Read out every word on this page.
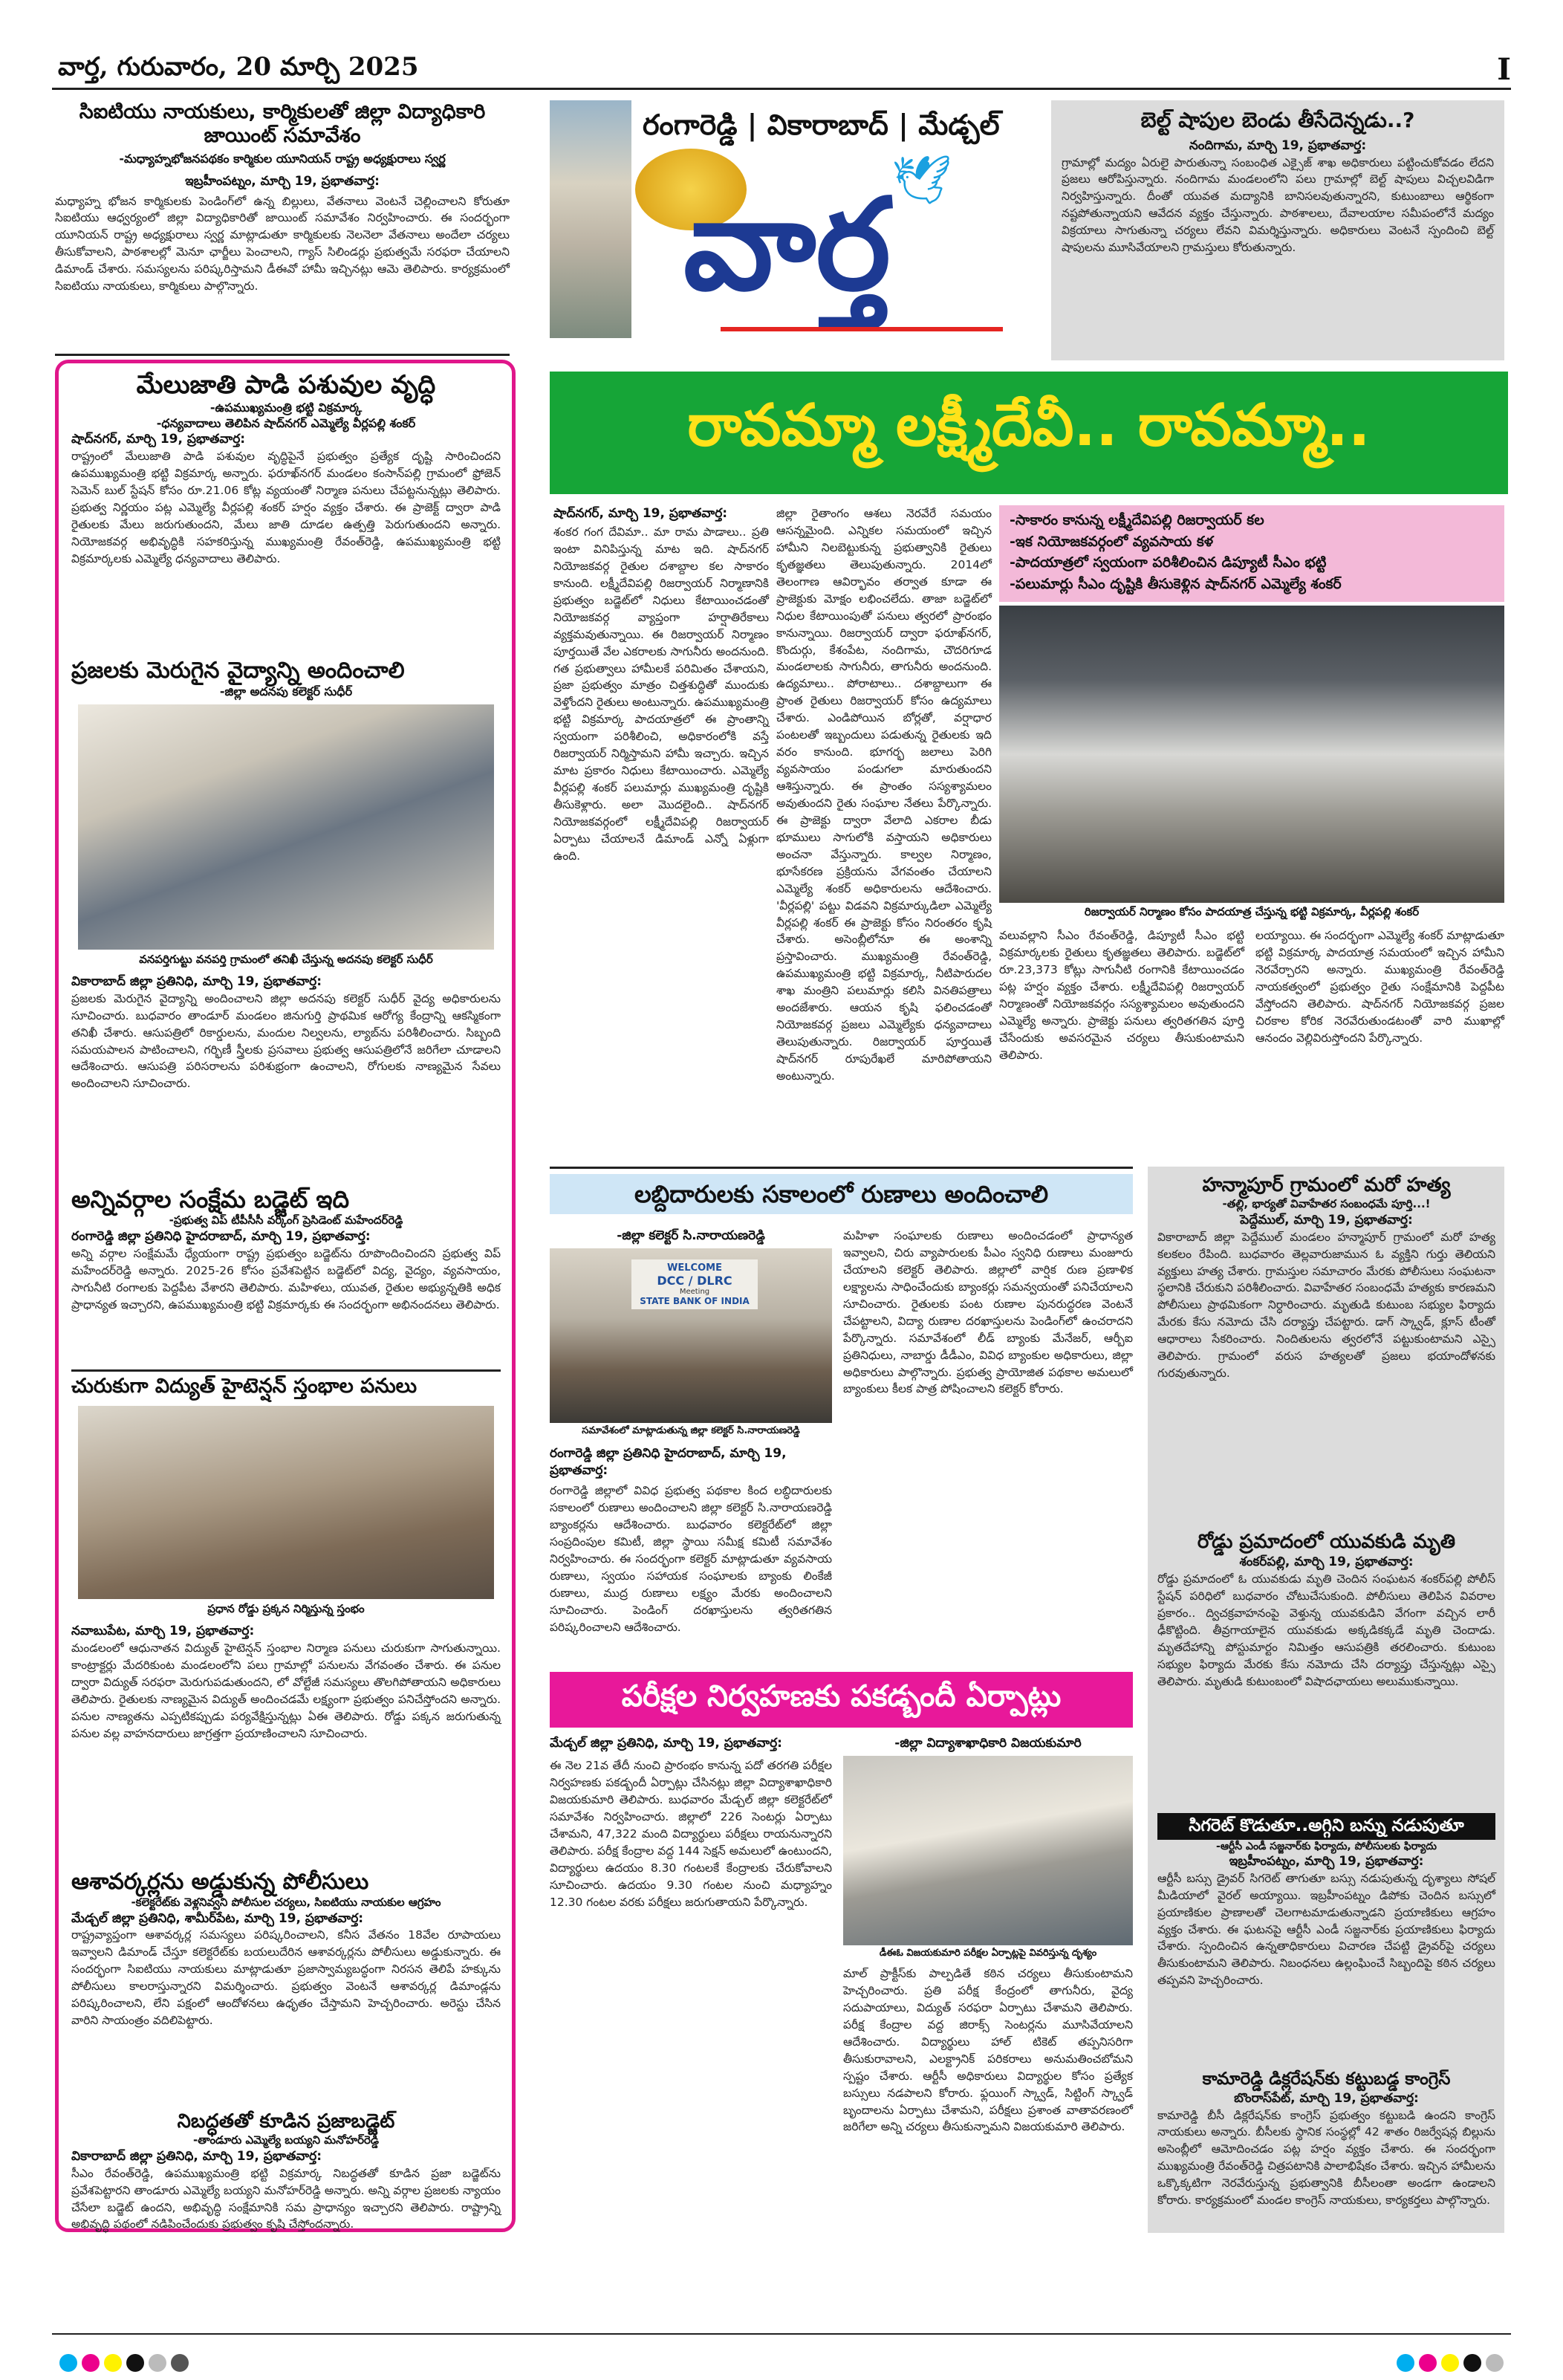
వార్త, గురువారం, 20 మార్చి 2025	I
సిఐటియు నాయకులు, కార్మికులతో జిల్లా విద్యాధికారి జాయింట్ సమావేశం
-మధ్యాహ్నభోజనపథకం కార్మికుల యూనియన్ రాష్ట్ర అధ్యక్షురాలు స్వర్ణ
ఇబ్రహీంపట్నం, మార్చి 19, ప్రభాతవార్త:
మధ్యాహ్న భోజన కార్మికులకు పెండింగ్‌లో ఉన్న బిల్లులు, వేతనాలు వెంటనే చెల్లించాలని కోరుతూ సిఐటియు ఆధ్వర్యంలో జిల్లా విద్యాధికారితో జాయింట్ సమావేశం నిర్వహించారు. ఈ సందర్భంగా యూనియన్ రాష్ట్ర అధ్యక్షురాలు స్వర్ణ మాట్లాడుతూ కార్మికులకు నెలనెలా వేతనాలు అందేలా చర్యలు తీసుకోవాలని, పాఠశాలల్లో మెనూ ఛార్జీలు పెంచాలని, గ్యాస్ సిలిండర్లు ప్రభుత్వమే సరఫరా చేయాలని డిమాండ్ చేశారు. సమస్యలను పరిష్కరిస్తామని డీఈవో హామీ ఇచ్చినట్లు ఆమె తెలిపారు. కార్యక్రమంలో సిఐటియు నాయకులు, కార్మికులు పాల్గొన్నారు.
మేలుజాతి పాడి పశువుల వృద్ధి
-ఉపముఖ్యమంత్రి భట్టి విక్రమార్క
-ధన్యవాదాలు తెలిపిన షాద్‌నగర్ ఎమ్మెల్యే వీర్లపల్లి శంకర్
షాద్‌నగర్, మార్చి 19, ప్రభాతవార్త:
రాష్ట్రంలో మేలుజాతి పాడి పశువుల వృద్ధిపైనే ప్రభుత్వం ప్రత్యేక దృష్టి సారించిందని ఉపముఖ్యమంత్రి భట్టి విక్రమార్క అన్నారు. ఫరూఖ్‌నగర్ మండలం కంసాన్‌పల్లి గ్రామంలో ఫ్రోజెన్ సెమెన్ బుల్ స్టేషన్ కోసం రూ.21.06 కోట్ల వ్యయంతో నిర్మాణ పనులు చేపట్టనున్నట్లు తెలిపారు. ప్రభుత్వ నిర్ణయం పట్ల ఎమ్మెల్యే వీర్లపల్లి శంకర్ హర్షం వ్యక్తం చేశారు. ఈ ప్రాజెక్ట్ ద్వారా పాడి రైతులకు మేలు జరుగుతుందని, మేలు జాతి దూడల ఉత్పత్తి పెరుగుతుందని అన్నారు. నియోజకవర్గ అభివృద్ధికి సహకరిస్తున్న ముఖ్యమంత్రి రేవంత్‌రెడ్డి, ఉపముఖ్యమంత్రి భట్టి విక్రమార్కలకు ఎమ్మెల్యే ధన్యవాదాలు తెలిపారు.
ప్రజలకు మెరుగైన వైద్యాన్ని అందించాలి
-జిల్లా అదనపు కలెక్టర్ సుధీర్
వనపర్తిగుట్టు వనపర్తి గ్రామంలో తనిఖీ చేస్తున్న అదనపు కలెక్టర్ సుధీర్
వికారాబాద్ జిల్లా ప్రతినిధి, మార్చి 19, ప్రభాతవార్త:
ప్రజలకు మెరుగైన వైద్యాన్ని అందించాలని జిల్లా అదనపు కలెక్టర్ సుధీర్ వైద్య అధికారులను సూచించారు. బుధవారం తాండూర్ మండలం జినుగుర్తి ప్రాథమిక ఆరోగ్య కేంద్రాన్ని ఆకస్మికంగా తనిఖీ చేశారు. ఆసుపత్రిలో రికార్డులను, మందుల నిల్వలను, ల్యాబ్‌ను పరిశీలించారు. సిబ్బంది సమయపాలన పాటించాలని, గర్భిణీ స్త్రీలకు ప్రసవాలు ప్రభుత్వ ఆసుపత్రిలోనే జరిగేలా చూడాలని ఆదేశించారు. ఆసుపత్రి పరిసరాలను పరిశుభ్రంగా ఉంచాలని, రోగులకు నాణ్యమైన సేవలు అందించాలని సూచించారు.
అన్నివర్గాల సంక్షేమ బడ్జెట్ ఇది
-ప్రభుత్వ విప్ టీపీసీసీ వర్కింగ్ ప్రెసిడెంట్ మహేందర్‌రెడ్డి
రంగారెడ్డి జిల్లా ప్రతినిధి హైదరాబాద్, మార్చి 19, ప్రభాతవార్త:
అన్ని వర్గాల సంక్షేమమే ధ్యేయంగా రాష్ట్ర ప్రభుత్వం బడ్జెట్‌ను రూపొందించిందని ప్రభుత్వ విప్ మహేందర్‌రెడ్డి అన్నారు. 2025-26 కోసం ప్రవేశపెట్టిన బడ్జెట్‌లో విద్య, వైద్యం, వ్యవసాయం, సాగునీటి రంగాలకు పెద్దపీట వేశారని తెలిపారు. మహిళలు, యువత, రైతుల అభ్యున్నతికి అధిక ప్రాధాన్యత ఇచ్చారని, ఉపముఖ్యమంత్రి భట్టి విక్రమార్కకు ఈ సందర్భంగా అభినందనలు తెలిపారు.
చురుకుగా విద్యుత్ హైటెన్షన్ స్తంభాల పనులు
ప్రధాన రోడ్డు ప్రక్కన నిర్మిస్తున్న స్తంభం
నవాబుపేట, మార్చి 19, ప్రభాతవార్త:
మండలంలో ఆధునాతన విద్యుత్ హైటెన్షన్ స్తంభాల నిర్మాణ పనులు చురుకుగా సాగుతున్నాయి. కాంట్రాక్టర్లు మేదరికుంట మండలంలోని పలు గ్రామాల్లో పనులను వేగవంతం చేశారు. ఈ పనుల ద్వారా విద్యుత్ సరఫరా మెరుగుపడుతుందని, లో వోల్టేజీ సమస్యలు తొలగిపోతాయని అధికారులు తెలిపారు. రైతులకు నాణ్యమైన విద్యుత్ అందించడమే లక్ష్యంగా ప్రభుత్వం పనిచేస్తోందని అన్నారు. పనుల నాణ్యతను ఎప్పటికప్పుడు పర్యవేక్షిస్తున్నట్లు ఏఈ తెలిపారు. రోడ్డు పక్కన జరుగుతున్న పనుల వల్ల వాహనదారులు జాగ్రత్తగా ప్రయాణించాలని సూచించారు.
ఆశావర్కర్లను అడ్డుకున్న పోలీసులు
-కలెక్టరేట్‌కు వెళ్లనివ్వని పోలీసుల చర్యలు, సిఐటియు నాయకుల ఆగ్రహం
మేడ్చల్ జిల్లా ప్రతినిధి, శామీర్‌పేట, మార్చి 19, ప్రభాతవార్త:
రాష్ట్రవ్యాప్తంగా ఆశావర్కర్ల సమస్యలు పరిష్కరించాలని, కనీస వేతనం 18వేల రూపాయలు ఇవ్వాలని డిమాండ్ చేస్తూ కలెక్టరేట్‌కు బయలుదేరిన ఆశావర్కర్లను పోలీసులు అడ్డుకున్నారు. ఈ సందర్భంగా సిఐటియు నాయకులు మాట్లాడుతూ ప్రజాస్వామ్యబద్ధంగా నిరసన తెలిపే హక్కును పోలీసులు కాలరాస్తున్నారని విమర్శించారు. ప్రభుత్వం వెంటనే ఆశావర్కర్ల డిమాండ్లను పరిష్కరించాలని, లేని పక్షంలో ఆందోళనలు ఉధృతం చేస్తామని హెచ్చరించారు. అరెస్టు చేసిన వారిని సాయంత్రం వదిలిపెట్టారు.
నిబద్ధతతో కూడిన ప్రజాబడ్జెట్
-తాండూరు ఎమ్మెల్యే బయ్యని మనోహర్‌రెడ్డి
వికారాబాద్ జిల్లా ప్రతినిధి, మార్చి 19, ప్రభాతవార్త:
సీఎం రేవంత్‌రెడ్డి, ఉపముఖ్యమంత్రి భట్టి విక్రమార్క నిబద్ధతతో కూడిన ప్రజా బడ్జెట్‌ను ప్రవేశపెట్టారని తాండూరు ఎమ్మెల్యే బయ్యని మనోహర్‌రెడ్డి అన్నారు. అన్ని వర్గాల ప్రజలకు న్యాయం చేసేలా బడ్జెట్ ఉందని, అభివృద్ధి సంక్షేమానికి సమ ప్రాధాన్యం ఇచ్చారని తెలిపారు. రాష్ట్రాన్ని అభివృద్ధి పథంలో నడిపించేందుకు ప్రభుత్వం కృషి చేస్తోందన్నారు.
రంగారెడ్డి | వికారాబాద్ | మేడ్చల్
🕊
వార్త
బెల్ట్ షాపుల బెండు తీసేదెన్నడు..?
నందిగామ, మార్చి 19, ప్రభాతవార్త:
గ్రామాల్లో మద్యం ఏరులై పారుతున్నా సంబంధిత ఎక్సైజ్ శాఖ అధికారులు పట్టించుకోవడం లేదని ప్రజలు ఆరోపిస్తున్నారు. నందిగామ మండలంలోని పలు గ్రామాల్లో బెల్ట్ షాపులు విచ్చలవిడిగా నిర్వహిస్తున్నారు. దీంతో యువత మద్యానికి బానిసలవుతున్నారని, కుటుంబాలు ఆర్థికంగా నష్టపోతున్నాయని ఆవేదన వ్యక్తం చేస్తున్నారు. పాఠశాలలు, దేవాలయాల సమీపంలోనే మద్యం విక్రయాలు సాగుతున్నా చర్యలు లేవని విమర్శిస్తున్నారు. అధికారులు వెంటనే స్పందించి బెల్ట్ షాపులను మూసివేయాలని గ్రామస్తులు కోరుతున్నారు.
రావమ్మా లక్ష్మీదేవీ.. రావమ్మా..
షాద్‌నగర్, మార్చి 19, ప్రభాతవార్త:
శంకర గంగ దేవిమా.. మా రామ పాడాలు.. ప్రతి ఇంటా వినిపిస్తున్న మాట ఇది. షాద్‌నగర్ నియోజకవర్గ రైతుల దశాబ్దాల కల సాకారం కానుంది. లక్ష్మీదేవిపల్లి రిజర్వాయర్ నిర్మాణానికి ప్రభుత్వం బడ్జెట్‌లో నిధులు కేటాయించడంతో నియోజకవర్గ వ్యాప్తంగా హర్షాతిరేకాలు వ్యక్తమవుతున్నాయి. ఈ రిజర్వాయర్ నిర్మాణం పూర్తయితే వేల ఎకరాలకు సాగునీరు అందనుంది. గత ప్రభుత్వాలు హామీలకే పరిమితం చేశాయని, ప్రజా ప్రభుత్వం మాత్రం చిత్తశుద్ధితో ముందుకు వెళ్తోందని రైతులు అంటున్నారు. ఉపముఖ్యమంత్రి భట్టి విక్రమార్క పాదయాత్రలో ఈ ప్రాంతాన్ని స్వయంగా పరిశీలించి, అధికారంలోకి వస్తే రిజర్వాయర్ నిర్మిస్తామని హామీ ఇచ్చారు. ఇచ్చిన మాట ప్రకారం నిధులు కేటాయించారు. ఎమ్మెల్యే వీర్లపల్లి శంకర్ పలుమార్లు ముఖ్యమంత్రి దృష్టికి తీసుకెళ్లారు. అలా మొదలైంది.. షాద్‌నగర్ నియోజకవర్గంలో లక్ష్మీదేవిపల్లి రిజర్వాయర్ ఏర్పాటు చేయాలనే డిమాండ్ ఎన్నో ఏళ్లుగా ఉంది.
జిల్లా రైతాంగం ఆశలు నెరవేరే సమయం ఆసన్నమైంది. ఎన్నికల సమయంలో ఇచ్చిన హామీని నిలబెట్టుకున్న ప్రభుత్వానికి రైతులు కృతజ్ఞతలు తెలుపుతున్నారు. 2014లో తెలంగాణ ఆవిర్భావం తర్వాత కూడా ఈ ప్రాజెక్టుకు మోక్షం లభించలేదు. తాజా బడ్జెట్‌లో నిధుల కేటాయింపుతో పనులు త్వరలో ప్రారంభం కానున్నాయి. రిజర్వాయర్ ద్వారా ఫరూఖ్‌నగర్, కొందుర్గు, కేశంపేట, నందిగామ, చౌదరిగూడ మండలాలకు సాగునీరు, తాగునీరు అందనుంది. ఉద్యమాలు.. పోరాటాలు.. దశాబ్దాలుగా ఈ ప్రాంత రైతులు రిజర్వాయర్ కోసం ఉద్యమాలు చేశారు. ఎండిపోయిన బోర్లతో, వర్షాధార పంటలతో ఇబ్బందులు పడుతున్న రైతులకు ఇది వరం కానుంది. భూగర్భ జలాలు పెరిగి వ్యవసాయం పండుగలా మారుతుందని ఆశిస్తున్నారు. ఈ ప్రాంతం సస్యశ్యామలం అవుతుందని రైతు సంఘాల నేతలు పేర్కొన్నారు. ఈ ప్రాజెక్టు ద్వారా వేలాది ఎకరాల బీడు భూములు సాగులోకి వస్తాయని అధికారులు అంచనా వేస్తున్నారు. కాల్వల నిర్మాణం, భూసేకరణ ప్రక్రియను వేగవంతం చేయాలని ఎమ్మెల్యే శంకర్ అధికారులను ఆదేశించారు. 'వీర్లపల్లి' పట్టు విడవని విక్రమార్కుడిలా ఎమ్మెల్యే వీర్లపల్లి శంకర్ ఈ ప్రాజెక్టు కోసం నిరంతరం కృషి చేశారు. అసెంబ్లీలోనూ ఈ అంశాన్ని ప్రస్తావించారు. ముఖ్యమంత్రి రేవంత్‌రెడ్డి, ఉపముఖ్యమంత్రి భట్టి విక్రమార్క, నీటిపారుదల శాఖ మంత్రిని పలుమార్లు కలిసి వినతిపత్రాలు అందజేశారు. ఆయన కృషి ఫలించడంతో నియోజకవర్గ ప్రజలు ఎమ్మెల్యేకు ధన్యవాదాలు తెలుపుతున్నారు. రిజర్వాయర్ పూర్తయితే షాద్‌నగర్ రూపురేఖలే మారిపోతాయని అంటున్నారు.
-సాకారం కానున్న లక్ష్మీదేవిపల్లి రిజర్వాయర్ కల
-ఇక నియోజకవర్గంలో వ్యవసాయ కళ
-పాదయాత్రలో స్వయంగా పరిశీలించిన డిప్యూటీ సీఎం భట్టి
-పలుమార్లు సీఎం దృష్టికి తీసుకెళ్లిన షాద్‌నగర్ ఎమ్మెల్యే శంకర్
రిజర్వాయర్ నిర్మాణం కోసం పాదయాత్ర చేస్తున్న భట్టి విక్రమార్క, వీర్లపల్లి శంకర్
వలువల్లాని సీఎం రేవంత్‌రెడ్డి, డిప్యూటీ సీఎం భట్టి విక్రమార్కలకు రైతులు కృతజ్ఞతలు తెలిపారు. బడ్జెట్‌లో రూ.23,373 కోట్లు సాగునీటి రంగానికి కేటాయించడం పట్ల హర్షం వ్యక్తం చేశారు. లక్ష్మీదేవిపల్లి రిజర్వాయర్ నిర్మాణంతో నియోజకవర్గం సస్యశ్యామలం అవుతుందని ఎమ్మెల్యే అన్నారు. ప్రాజెక్టు పనులు త్వరితగతిన పూర్తి చేసేందుకు అవసరమైన చర్యలు తీసుకుంటామని తెలిపారు.
లయ్యాయి. ఈ సందర్భంగా ఎమ్మెల్యే శంకర్ మాట్లాడుతూ భట్టి విక్రమార్క పాదయాత్ర సమయంలో ఇచ్చిన హామీని నెరవేర్చారని అన్నారు. ముఖ్యమంత్రి రేవంత్‌రెడ్డి నాయకత్వంలో ప్రభుత్వం రైతు సంక్షేమానికి పెద్దపీట వేస్తోందని తెలిపారు. షాద్‌నగర్ నియోజకవర్గ ప్రజల చిరకాల కోరిక నెరవేరుతుండటంతో వారి ముఖాల్లో ఆనందం వెల్లివిరుస్తోందని పేర్కొన్నారు.
లబ్దిదారులకు సకాలంలో రుణాలు అందించాలి
-జిల్లా కలెక్టర్ సి.నారాయణరెడ్డి
WELCOME
DCC / DLRC
Meeting
STATE BANK OF INDIA
సమావేశంలో మాట్లాడుతున్న జిల్లా కలెక్టర్ సి.నారాయణరెడ్డి
రంగారెడ్డి జిల్లా ప్రతినిధి హైదరాబాద్, మార్చి 19, ప్రభాతవార్త:
రంగారెడ్డి జిల్లాలో వివిధ ప్రభుత్వ పథకాల కింద లబ్ధిదారులకు సకాలంలో రుణాలు అందించాలని జిల్లా కలెక్టర్ సి.నారాయణరెడ్డి బ్యాంకర్లను ఆదేశించారు. బుధవారం కలెక్టరేట్‌లో జిల్లా సంప్రదింపుల కమిటీ, జిల్లా స్థాయి సమీక్ష కమిటీ సమావేశం నిర్వహించారు. ఈ సందర్భంగా కలెక్టర్ మాట్లాడుతూ వ్యవసాయ రుణాలు, స్వయం సహాయక సంఘాలకు బ్యాంకు లింకేజీ రుణాలు, ముద్ర రుణాలు లక్ష్యం మేరకు అందించాలని సూచించారు. పెండింగ్ దరఖాస్తులను త్వరితగతిన పరిష్కరించాలని ఆదేశించారు.
మహిళా సంఘాలకు రుణాలు అందించడంలో ప్రాధాన్యత ఇవ్వాలని, చిరు వ్యాపారులకు పీఎం స్వనిధి రుణాలు మంజూరు చేయాలని కలెక్టర్ తెలిపారు. జిల్లాలో వార్షిక రుణ ప్రణాళిక లక్ష్యాలను సాధించేందుకు బ్యాంకర్లు సమన్వయంతో పనిచేయాలని సూచించారు. రైతులకు పంట రుణాల పునరుద్ధరణ వెంటనే చేపట్టాలని, విద్యా రుణాల దరఖాస్తులను పెండింగ్‌లో ఉంచరాదని పేర్కొన్నారు. సమావేశంలో లీడ్ బ్యాంకు మేనేజర్, ఆర్బీఐ ప్రతినిధులు, నాబార్డు డీడీఎం, వివిధ బ్యాంకుల అధికారులు, జిల్లా అధికారులు పాల్గొన్నారు. ప్రభుత్వ ప్రాయోజిత పథకాల అమలులో బ్యాంకులు కీలక పాత్ర పోషించాలని కలెక్టర్ కోరారు.
పరీక్షల నిర్వహణకు పకడ్బందీ ఏర్పాట్లు
మేడ్చల్ జిల్లా ప్రతినిధి, మార్చి 19, ప్రభాతవార్త:
ఈ నెల 21వ తేదీ నుంచి ప్రారంభం కానున్న పదో తరగతి పరీక్షల నిర్వహణకు పకడ్బందీ ఏర్పాట్లు చేసినట్లు జిల్లా విద్యాశాఖాధికారి విజయకుమారి తెలిపారు. బుధవారం మేడ్చల్ జిల్లా కలెక్టరేట్‌లో సమావేశం నిర్వహించారు. జిల్లాలో 226 సెంటర్లు ఏర్పాటు చేశామని, 47,322 మంది విద్యార్థులు పరీక్షలు రాయనున్నారని తెలిపారు. పరీక్ష కేంద్రాల వద్ద 144 సెక్షన్ అమలులో ఉంటుందని, విద్యార్థులు ఉదయం 8.30 గంటలకే కేంద్రాలకు చేరుకోవాలని సూచించారు. ఉదయం 9.30 గంటల నుంచి మధ్యాహ్నం 12.30 గంటల వరకు పరీక్షలు జరుగుతాయని పేర్కొన్నారు.
-జిల్లా విద్యాశాఖాధికారి విజయకుమారి
డీఈఓ విజయకుమారి పరీక్షల ఏర్పాట్లపై వివరిస్తున్న దృశ్యం
మాల్ ప్రాక్టీస్‌కు పాల్పడితే కఠిన చర్యలు తీసుకుంటామని హెచ్చరించారు. ప్రతి పరీక్ష కేంద్రంలో తాగునీరు, వైద్య సదుపాయాలు, విద్యుత్ సరఫరా ఏర్పాటు చేశామని తెలిపారు. పరీక్ష కేంద్రాల వద్ద జిరాక్స్ సెంటర్లను మూసివేయాలని ఆదేశించారు. విద్యార్థులు హాల్ టికెట్ తప్పనిసరిగా తీసుకురావాలని, ఎలక్ట్రానిక్ పరికరాలు అనుమతించబోమని స్పష్టం చేశారు. ఆర్టీసీ అధికారులు విద్యార్థుల కోసం ప్రత్యేక బస్సులు నడపాలని కోరారు. ఫ్లయింగ్ స్క్వాడ్, సిట్టింగ్ స్క్వాడ్ బృందాలను ఏర్పాటు చేశామని, పరీక్షలు ప్రశాంత వాతావరణంలో జరిగేలా అన్ని చర్యలు తీసుకున్నామని విజయకుమారి తెలిపారు.
హన్మాపూర్ గ్రామంలో మరో హత్య
-తల్లి, భార్యతో వివాహేతర సంబంధమే పూర్తి...!
పెద్దేముల్, మార్చి 19, ప్రభాతవార్త:
వికారాబాద్ జిల్లా పెద్దేముల్ మండలం హన్మాపూర్ గ్రామంలో మరో హత్య కలకలం రేపింది. బుధవారం తెల్లవారుజామున ఓ వ్యక్తిని గుర్తు తెలియని వ్యక్తులు హత్య చేశారు. గ్రామస్తుల సమాచారం మేరకు పోలీసులు సంఘటనా స్థలానికి చేరుకుని పరిశీలించారు. వివాహేతర సంబంధమే హత్యకు కారణమని పోలీసులు ప్రాథమికంగా నిర్ధారించారు. మృతుడి కుటుంబ సభ్యుల ఫిర్యాదు మేరకు కేసు నమోదు చేసి దర్యాప్తు చేపట్టారు. డాగ్ స్క్వాడ్, క్లూస్ టీంతో ఆధారాలు సేకరించారు. నిందితులను త్వరలోనే పట్టుకుంటామని ఎస్సై తెలిపారు. గ్రామంలో వరుస హత్యలతో ప్రజలు భయాందోళనకు గురవుతున్నారు.
రోడ్డు ప్రమాదంలో యువకుడి మృతి
శంకర్‌పల్లి, మార్చి 19, ప్రభాతవార్త:
రోడ్డు ప్రమాదంలో ఓ యువకుడు మృతి చెందిన సంఘటన శంకర్‌పల్లి పోలీస్ స్టేషన్ పరిధిలో బుధవారం చోటుచేసుకుంది. పోలీసులు తెలిపిన వివరాల ప్రకారం.. ద్విచక్రవాహనంపై వెళ్తున్న యువకుడిని వేగంగా వచ్చిన లారీ ఢీకొట్టింది. తీవ్రగాయాలైన యువకుడు అక్కడికక్కడే మృతి చెందాడు. మృతదేహాన్ని పోస్టుమార్టం నిమిత్తం ఆసుపత్రికి తరలించారు. కుటుంబ సభ్యుల ఫిర్యాదు మేరకు కేసు నమోదు చేసి దర్యాప్తు చేస్తున్నట్లు ఎస్సై తెలిపారు. మృతుడి కుటుంబంలో విషాదఛాయలు అలుముకున్నాయి.
సిగరెట్ కొడుతూ..అగ్గిని బన్ను నడుపుతూ
-ఆర్టీసీ ఎండీ సజ్జనార్‌కు ఫిర్యాదు, పోలీసులకు ఫిర్యాదు
ఇబ్రహీంపట్నం, మార్చి 19, ప్రభాతవార్త:
ఆర్టీసీ బస్సు డ్రైవర్ సిగరెట్ తాగుతూ బస్సు నడుపుతున్న దృశ్యాలు సోషల్ మీడియాలో వైరల్ అయ్యాయి. ఇబ్రహీంపట్నం డిపోకు చెందిన బస్సులో ప్రయాణికుల ప్రాణాలతో చెలగాటమాడుతున్నాడని ప్రయాణికులు ఆగ్రహం వ్యక్తం చేశారు. ఈ ఘటనపై ఆర్టీసీ ఎండీ సజ్జనార్‌కు ప్రయాణికులు ఫిర్యాదు చేశారు. స్పందించిన ఉన్నతాధికారులు విచారణ చేపట్టి డ్రైవర్‌పై చర్యలు తీసుకుంటామని తెలిపారు. నిబంధనలు ఉల్లంఘించే సిబ్బందిపై కఠిన చర్యలు తప్పవని హెచ్చరించారు.
కామారెడ్డి డిక్లరేషన్‌కు కట్టుబడ్డ కాంగ్రెస్
బొంరాస్‌పేట్, మార్చి 19, ప్రభాతవార్త:
కామారెడ్డి బీసీ డిక్లరేషన్‌కు కాంగ్రెస్ ప్రభుత్వం కట్టుబడి ఉందని కాంగ్రెస్ నాయకులు అన్నారు. బీసీలకు స్థానిక సంస్థల్లో 42 శాతం రిజర్వేషన్ల బిల్లును అసెంబ్లీలో ఆమోదించడం పట్ల హర్షం వ్యక్తం చేశారు. ఈ సందర్భంగా ముఖ్యమంత్రి రేవంత్‌రెడ్డి చిత్రపటానికి పాలాభిషేకం చేశారు. ఇచ్చిన హామీలను ఒక్కొక్కటిగా నెరవేరుస్తున్న ప్రభుత్వానికి బీసీలంతా అండగా ఉండాలని కోరారు. కార్యక్రమంలో మండల కాంగ్రెస్ నాయకులు, కార్యకర్తలు పాల్గొన్నారు.
